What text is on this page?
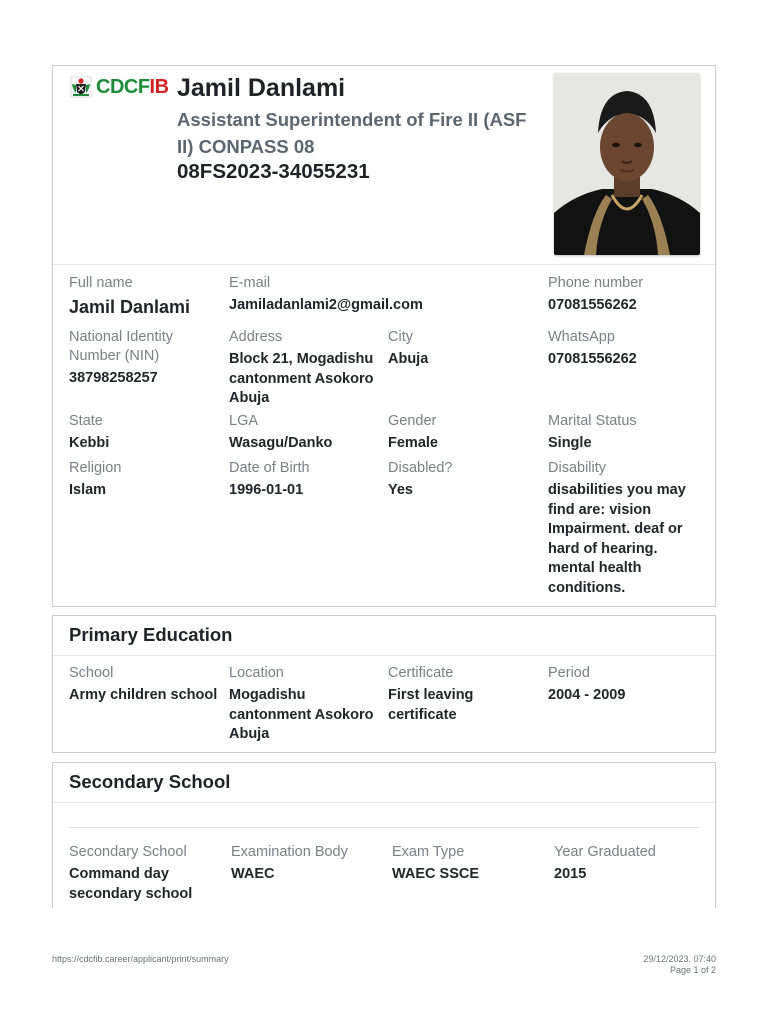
CDCFIB Jamil Danlami
Assistant Superintendent of Fire II (ASF II) CONPASS 08
08FS2023-34055231
Full name
Jamil Danlami
E-mail
Jamiladanlami2@gmail.com
Phone number
07081556262
National Identity Number (NIN)
38798258257
Address
Block 21, Mogadishu cantonment Asokoro Abuja
City
Abuja
WhatsApp
07081556262
State
Kebbi
LGA
Wasagu/Danko
Gender
Female
Marital Status
Single
Religion
Islam
Date of Birth
1996-01-01
Disabled?
Yes
Disability
disabilities you may find are: vision Impairment. deaf or hard of hearing. mental health conditions.
Primary Education
School
Army children school
Location
Mogadishu cantonment Asokoro Abuja
Certificate
First leaving certificate
Period
2004 - 2009
Secondary School
Secondary School
Command day secondary school
Examination Body
WAEC
Exam Type
WAEC SSCE
Year Graduated
2015
https://cdcfib.career/applicant/print/summary	29/12/2023, 07:40
Page 1 of 2
